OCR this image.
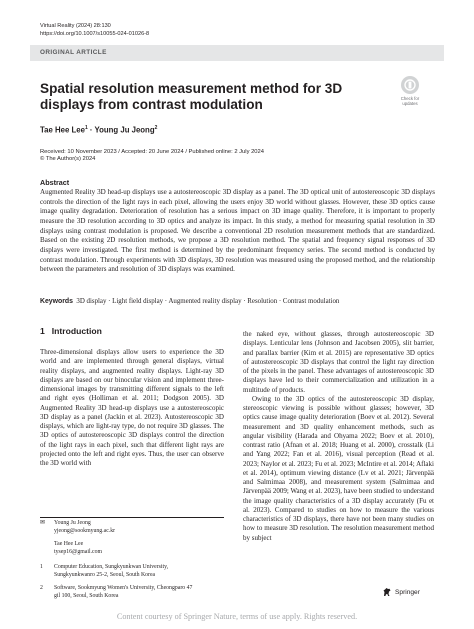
Virtual Reality (2024) 28:130
https://doi.org/10.1007/s10055-024-01026-8
ORIGINAL ARTICLE
Check for
updates
Spatial resolution measurement method for 3D displays from contrast modulation
Tae Hee Lee$^1$ · Young Ju Jeong$^2$
Received: 10 November 2023 / Accepted: 20 June 2024 / Published online: 2 July 2024
© The Author(s) 2024
Abstract

Augmented Reality 3D head-up displays use a autostereoscopic 3D display as a panel. The 3D optical unit of autostereoscopic 3D displays controls the direction of the light rays in each pixel, allowing the users enjoy 3D world without glasses. However, these 3D optics cause image quality degradation. Deterioration of resolution has a serious impact on 3D image quality. Therefore, it is important to properly measure the 3D resolution according to 3D optics and analyze its impact. In this study, a method for measuring spatial resolution in 3D displays using contrast modulation is proposed. We describe a conventional 2D resolution measurement methods that are standardized. Based on the existing 2D resolution methods, we propose a 3D resolution method. The spatial and frequency signal responses of 3D displays were investigated. The first method is determined by the predominant frequency series. The second method is conducted by contrast modulation. Through experiments with 3D displays, 3D resolution was measured using the proposed method, and the relationship between the parameters and resolution of 3D displays was examined.

Keywords 3D display · Light field display · Augmented reality display · Resolution · Contrast modulation
1 Introduction

Three-dimensional displays allow users to experience the 3D world and are implemented through general displays, virtual reality displays, and augmented reality displays. Light-ray 3D displays are based on our binocular vision and implement three-dimensional images by transmitting different signals to the left and right eyes (Holliman et al. 2011; Dodgson 2005). 3D Augmented Reality 3D head-up displays use a autostereoscopic 3D display as a panel (Jackin et al. 2023). Autostereoscopic 3D displays, which are light-ray type, do not require 3D glasses. The 3D optics of autostereoscopic 3D displays control the direction of the light rays in each pixel, such that different light rays are projected onto the left and right eyes. Thus, the user can observe the 3D world with

the naked eye, without glasses, through autostereoscopic 3D displays. Lenticular lens (Johnson and Jacobsen 2005), slit barrier, and parallax barrier (Kim et al. 2015) are representative 3D optics of autostereoscopic 3D displays that control the light ray direction of the pixels in the panel. These advantages of autostereoscopic 3D displays have led to their commercialization and utilization in a multitude of products.
Owing to the 3D optics of the autostereoscopic 3D display, stereoscopic viewing is possible without glasses; however, 3D optics cause image quality deterioration (Boev et al. 2012). Several measurement and 3D quality enhancement methods, such as angular visibility (Harada and Ohyama 2022; Boev et al. 2010), contrast ratio (Afnan et al. 2018; Huang et al. 2000), crosstalk (Li and Yang 2022; Fan et al. 2016), visual perception (Read et al. 2023; Naylor et al. 2023; Fu et al. 2023; McIntire et al. 2014; Aflaki et al. 2014), optimum viewing distance (Lv et al. 2021; Järvenpää and Salmimaa 2008), and measurement system (Salmimaa and Järvenpää 2009; Wang et al. 2023), have been studied to understand the image quality characteristics of a 3D display accurately (Fu et al. 2023). Compared to studies on how to measure the various characteristics of 3D displays, there have not been many studies on how to measure 3D resolution. The resolution measurement method by subject
✉ Young Ju Jeong
yjeong@sookmyung.ac.kr
Tae Hee Lee
tysep16@gmail.com
1 Computer Education, Sungkyunkwan University,
Sungkyunkwanro 25-2, Seoul, South Korea
2 Software, Sookmyung Women's University, Cheongparo 47
gil 100, Seoul, South Korea
Springer
Content courtesy of Springer Nature, terms of use apply. Rights reserved.
